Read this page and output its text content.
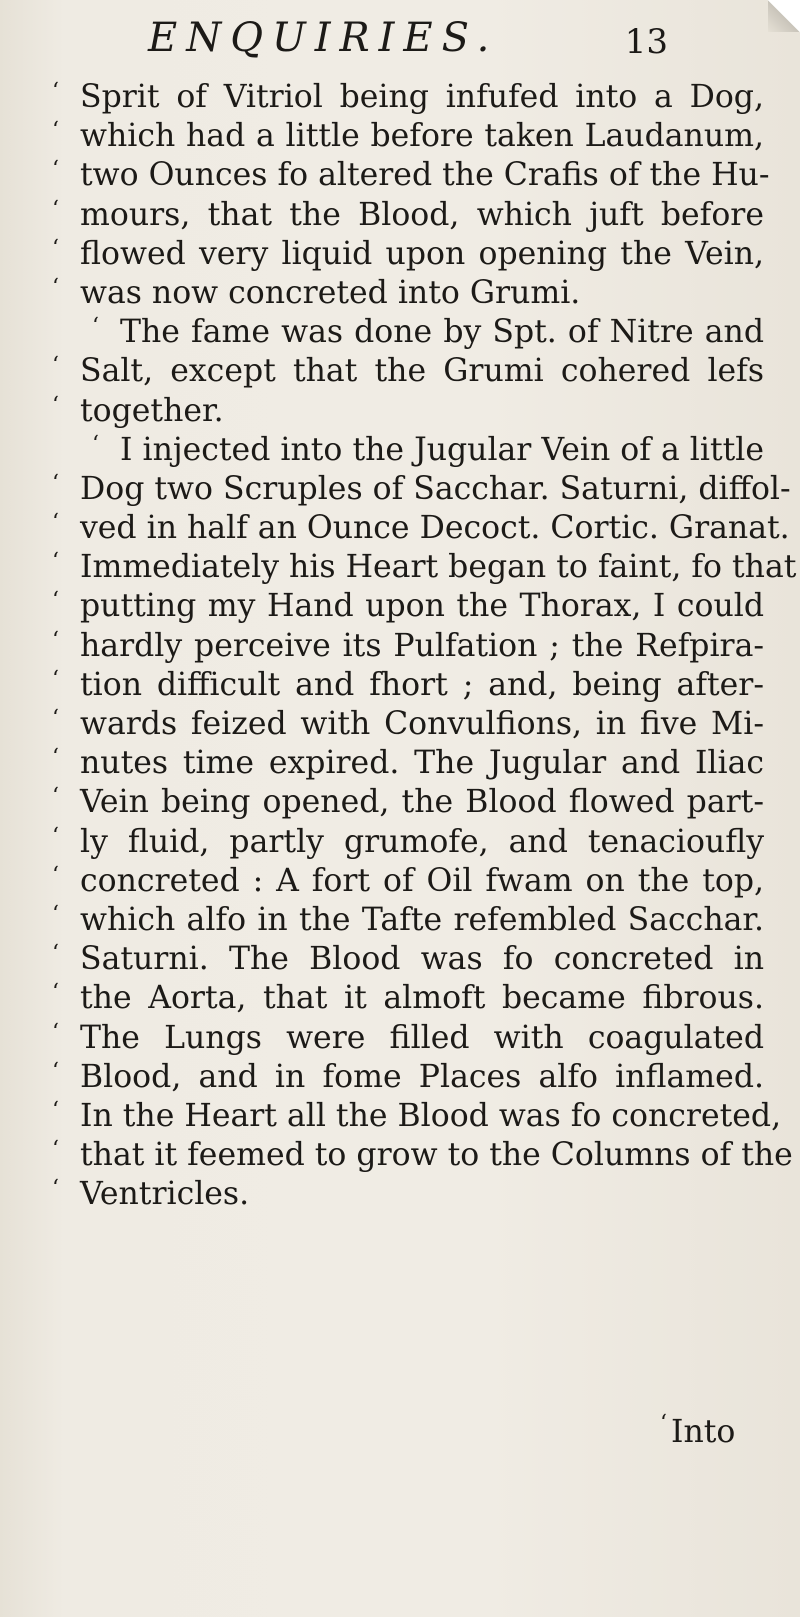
ENQUIRIES.	13
‘ Sprit of Vitriol being infufed into a Dog,
‘ which had a little before taken Laudanum,
‘ two Ounces fo altered the Crafis of the Hu-
‘ mours, that the Blood, which juft before
‘ flowed very liquid upon opening the Vein,
‘ was now concreted into Grumi.
‘ The fame was done by Spt. of Nitre and
‘ Salt, except that the Grumi cohered lefs
‘ together.
‘ I injected into the Jugular Vein of a little
‘ Dog two Scruples of Sacchar. Saturni, diffol-
‘ ved in half an Ounce Decoct. Cortic. Granat.
‘ Immediately his Heart began to faint, fo that
‘ putting my Hand upon the Thorax, I could
‘ hardly perceive its Pulfation ; the Refpira-
‘ tion difficult and fhort ; and, being after-
‘ wards feized with Convulfions, in five Mi-
‘ nutes time expired. The Jugular and Iliac
‘ Vein being opened, the Blood flowed part-
‘ ly fluid, partly grumofe, and tenacioufly
‘ concreted : A fort of Oil fwam on the top,
‘ which alfo in the Tafte refembled Sacchar.
‘ Saturni. The Blood was fo concreted in
‘ the Aorta, that it almoft became fibrous.
‘ The Lungs were filled with coagulated
‘ Blood, and in fome Places alfo inflamed.
‘ In the Heart all the Blood was fo concreted,
‘ that it feemed to grow to the Columns of the
‘ Ventricles.
‘ Into
